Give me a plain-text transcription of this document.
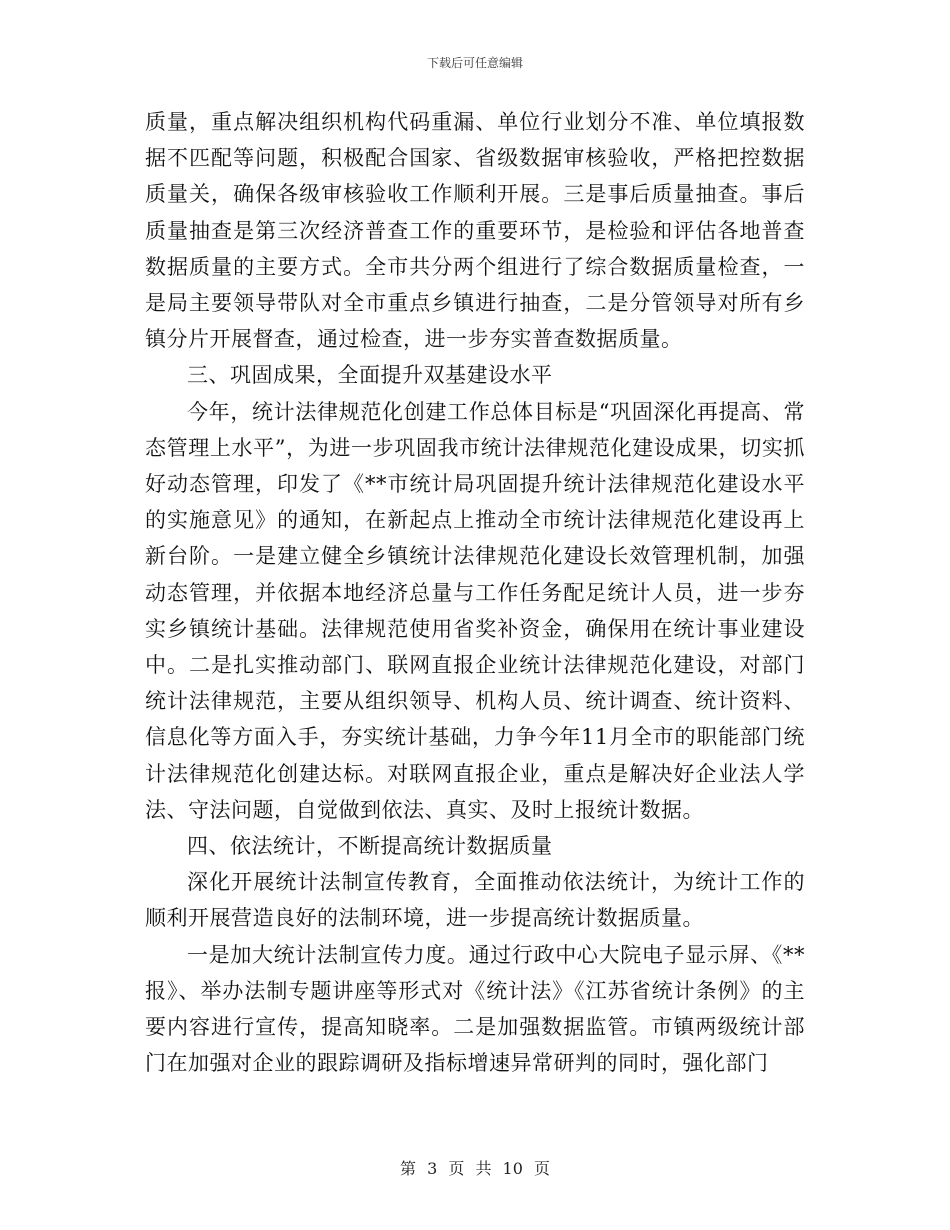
下载后可任意编辑

质量，重点解决组织机构代码重漏、单位行业划分不准、单位填报数据不匹配等问题，积极配合国家、省级数据审核验收，严格把控数据质量关，确保各级审核验收工作顺利开展。三是事后质量抽查。事后质量抽查是第三次经济普查工作的重要环节，是检验和评估各地普查数据质量的主要方式。全市共分两个组进行了综合数据质量检查，一是局主要领导带队对全市重点乡镇进行抽查，二是分管领导对所有乡镇分片开展督查，通过检查，进一步夯实普查数据质量。

三、巩固成果，全面提升双基建设水平

今年，统计法律规范化创建工作总体目标是“巩固深化再提高、常态管理上水平”，为进一步巩固我市统计法律规范化建设成果，切实抓好动态管理，印发了《**市统计局巩固提升统计法律规范化建设水平的实施意见》的通知，在新起点上推动全市统计法律规范化建设再上新台阶。一是建立健全乡镇统计法律规范化建设长效管理机制，加强动态管理，并依据本地经济总量与工作任务配足统计人员，进一步夯实乡镇统计基础。法律规范使用省奖补资金，确保用在统计事业建设中。二是扎实推动部门、联网直报企业统计法律规范化建设，对部门统计法律规范，主要从组织领导、机构人员、统计调查、统计资料、信息化等方面入手，夯实统计基础，力争今年11月全市的职能部门统计法律规范化创建达标。对联网直报企业，重点是解决好企业法人学法、守法问题，自觉做到依法、真实、及时上报统计数据。

四、依法统计，不断提高统计数据质量

深化开展统计法制宣传教育，全面推动依法统计，为统计工作的顺利开展营造良好的法制环境，进一步提高统计数据质量。

一是加大统计法制宣传力度。通过行政中心大院电子显示屏、《**报》、举办法制专题讲座等形式对《统计法》《江苏省统计条例》的主要内容进行宣传，提高知晓率。二是加强数据监管。市镇两级统计部门在加强对企业的跟踪调研及指标增速异常研判的同时，强化部门

第 3 页 共 10 页
